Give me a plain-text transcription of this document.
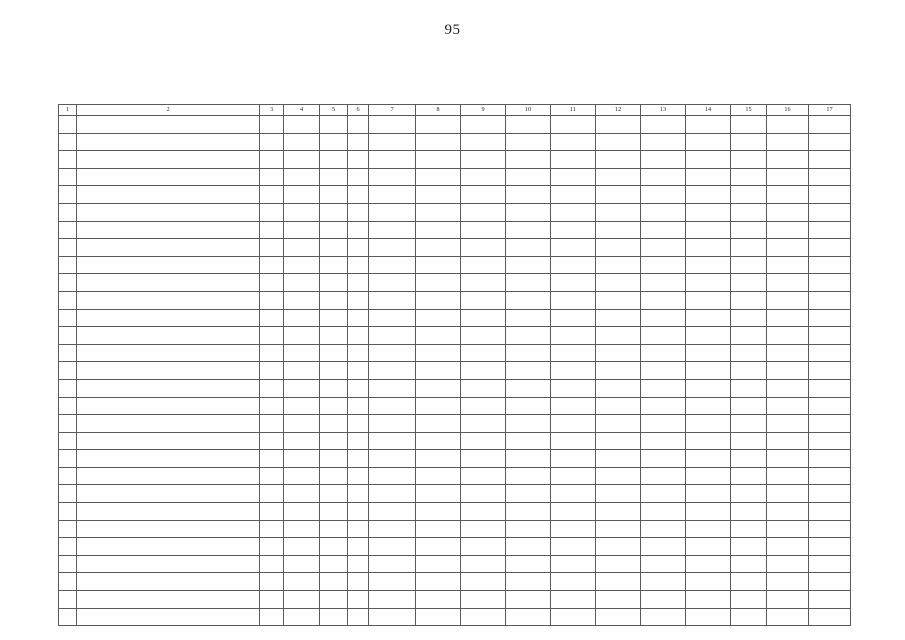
95
1	2	3	4	5	6	7	8	9	10	11	12	13	14	15	16	17
